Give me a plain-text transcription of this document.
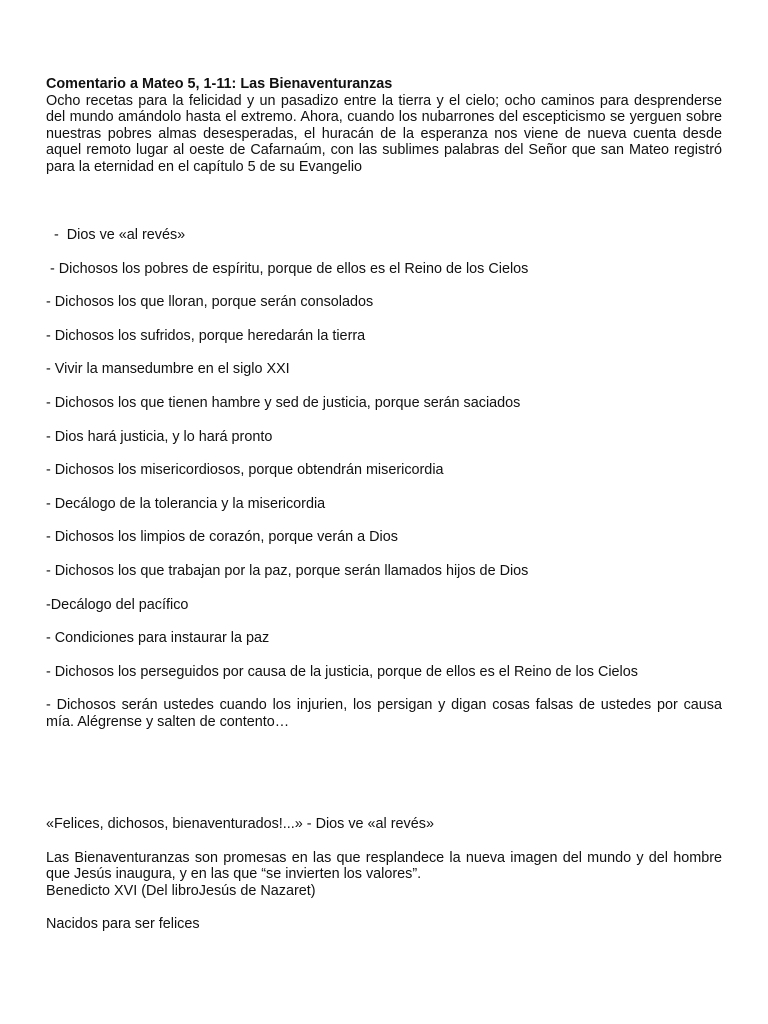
Comentario a Mateo 5, 1-11: Las Bienaventuranzas

Ocho recetas para la felicidad y un pasadizo entre la tierra y el cielo; ocho caminos para desprenderse del mundo amándolo hasta el extremo. Ahora, cuando los nubarrones del escepticismo se yerguen sobre nuestras pobres almas desesperadas, el huracán de la esperanza nos viene de nueva cuenta desde aquel remoto lugar al oeste de Cafarnaúm, con las sublimes palabras del Señor que san Mateo registró para la eternidad en el capítulo 5 de su Evangelio

-  Dios ve «al revés»

- Dichosos los pobres de espíritu, porque de ellos es el Reino de los Cielos

- Dichosos los que lloran, porque serán consolados

- Dichosos los sufridos, porque heredarán la tierra

- Vivir la mansedumbre en el siglo XXI

- Dichosos los que tienen hambre y sed de justicia, porque serán saciados

- Dios hará justicia, y lo hará pronto

- Dichosos los misericordiosos, porque obtendrán misericordia

- Decálogo de la tolerancia y la misericordia

- Dichosos los limpios de corazón, porque verán a Dios

- Dichosos los que trabajan por la paz, porque serán llamados hijos de Dios

-Decálogo del pacífico

- Condiciones para instaurar la paz

- Dichosos los perseguidos por causa de la justicia, porque de ellos es el Reino de los Cielos

- Dichosos serán ustedes cuando los injurien, los persigan y digan cosas falsas de ustedes por causa mía. Alégrense y salten de contento…

«Felices, dichosos, bienaventurados!...» - Dios ve «al revés»

Las Bienaventuranzas son promesas en las que resplandece la nueva imagen del mundo y del hombre que Jesús inaugura, y en las que “se invierten los valores”.

Benedicto XVI (Del libroJesús de Nazaret)

Nacidos para ser felices
